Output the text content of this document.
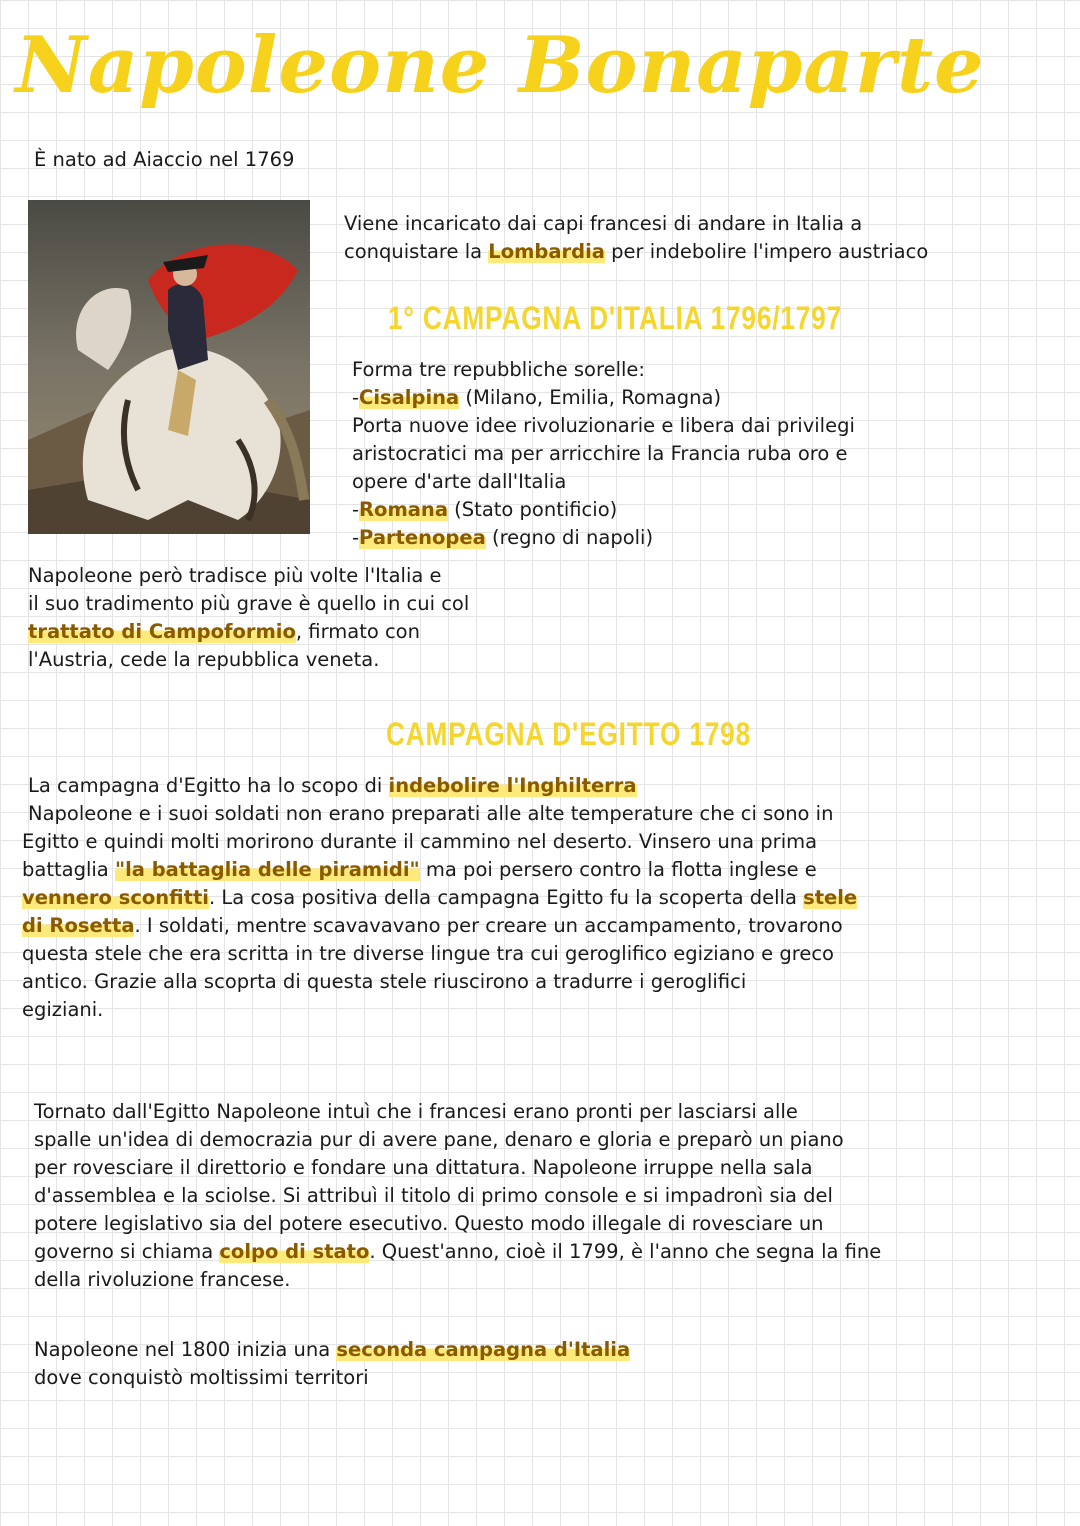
Napoleone Bonaparte
È nato ad Aiaccio nel 1769
Viene incaricato dai capi francesi di andare in Italia a
conquistare la Lombardia per indebolire l'impero austriaco
1° CAMPAGNA D'ITALIA 1796/1797
Forma tre repubbliche sorelle:
-Cisalpina (Milano, Emilia, Romagna)
Porta nuove idee rivoluzionarie e libera dai privilegi
aristocratici ma per arricchire la Francia ruba oro e
opere d'arte dall'Italia
-Romana (Stato pontificio)
-Partenopea (regno di napoli)
Napoleone però tradisce più volte l'Italia e
il suo tradimento più grave è quello in cui col
trattato di Campoformio, firmato con
l'Austria, cede la repubblica veneta.
CAMPAGNA D'EGITTO 1798
La campagna d'Egitto ha lo scopo di indebolire l'Inghilterra
Napoleone e i suoi soldati non erano preparati alle alte temperature che ci sono in
Egitto e quindi molti morirono durante il cammino nel deserto. Vinsero una prima
battaglia "la battaglia delle piramidi" ma poi persero contro la flotta inglese e
vennero sconfitti. La cosa positiva della campagna Egitto fu la scoperta della stele
di Rosetta. I soldati, mentre scavavavano per creare un accampamento, trovarono
questa stele che era scritta in tre diverse lingue tra cui geroglifico egiziano e greco
antico. Grazie alla scoprta di questa stele riuscirono a tradurre i geroglifici
egiziani.
Tornato dall'Egitto Napoleone intuì che i francesi erano pronti per lasciarsi alle
spalle un'idea di democrazia pur di avere pane, denaro e gloria e preparò un piano
per rovesciare il direttorio e fondare una dittatura. Napoleone irruppe nella sala
d'assemblea e la sciolse. Si attribuì il titolo di primo console e si impadronì sia del
potere legislativo sia del potere esecutivo. Questo modo illegale di rovesciare un
governo si chiama colpo di stato. Quest'anno, cioè il 1799, è l'anno che segna la fine
della rivoluzione francese.
Napoleone nel 1800 inizia una seconda campagna d'Italia
dove conquistò moltissimi territori
